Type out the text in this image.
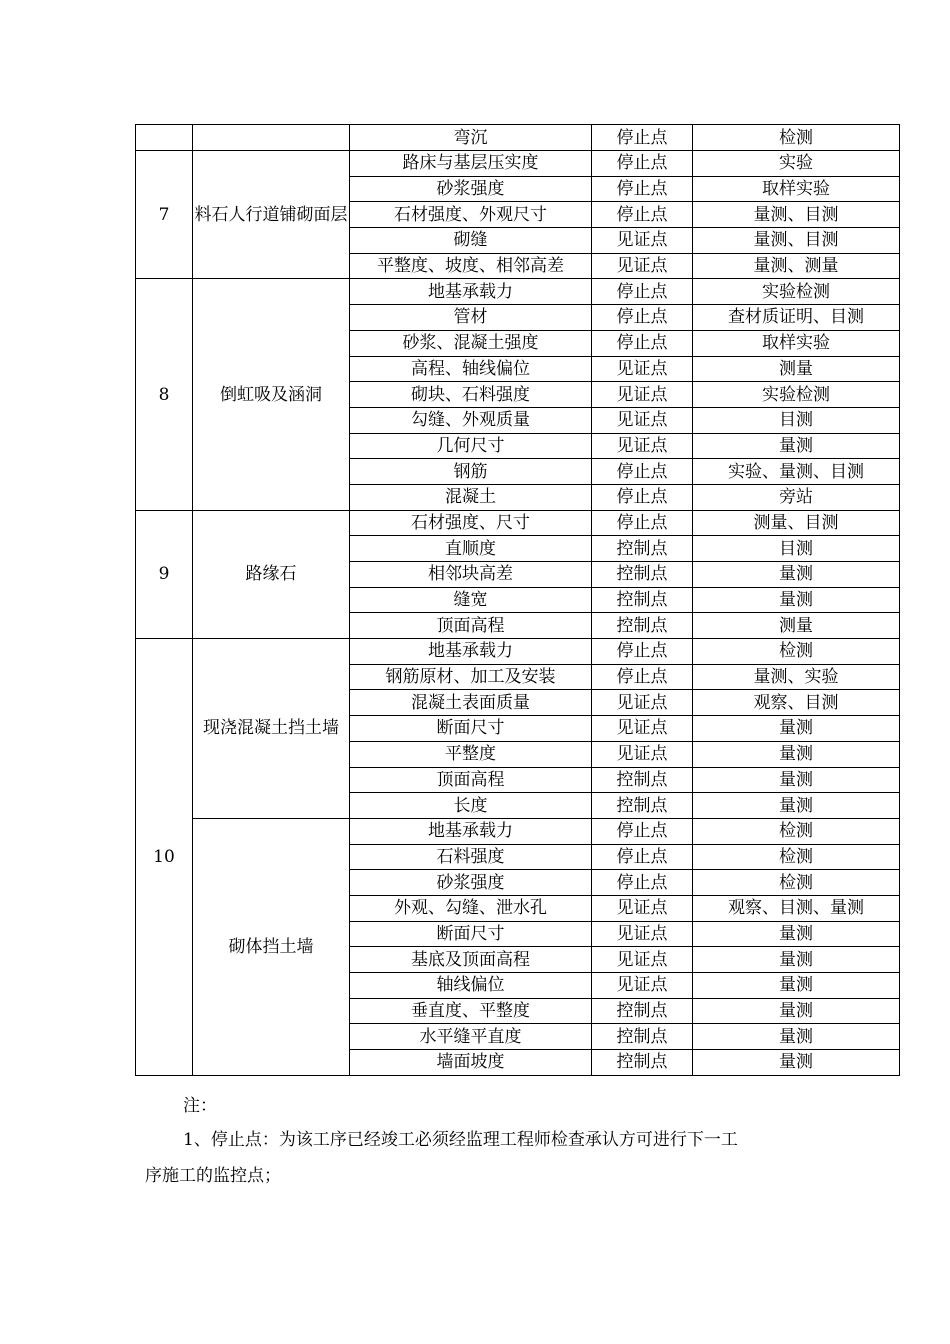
		弯沉	停止点	检测
7	料石人行道铺砌面层	路床与基层压实度	停止点	实验
		砂浆强度	停止点	取样实验
		石材强度、外观尺寸	停止点	量测、目测
		砌缝	见证点	量测、目测
		平整度、坡度、相邻高差	见证点	量测、测量
8	倒虹吸及涵洞	地基承载力	停止点	实验检测
		管材	停止点	查材质证明、目测
		砂浆、混凝土强度	停止点	取样实验
		高程、轴线偏位	见证点	测量
		砌块、石料强度	见证点	实验检测
		勾缝、外观质量	见证点	目测
		几何尺寸	见证点	量测
		钢筋	停止点	实验、量测、目测
		混凝土	停止点	旁站
9	路缘石	石材强度、尺寸	停止点	测量、目测
		直顺度	控制点	目测
		相邻块高差	控制点	量测
		缝宽	控制点	量测
		顶面高程	控制点	测量
10	现浇混凝土挡土墙	地基承载力	停止点	检测
		钢筋原材、加工及安装	停止点	量测、实验
		混凝土表面质量	见证点	观察、目测
		断面尺寸	见证点	量测
		平整度	见证点	量测
		顶面高程	控制点	量测
		长度	控制点	量测
	砌体挡土墙	地基承载力	停止点	检测
		石料强度	停止点	检测
		砂浆强度	停止点	检测
		外观、勾缝、泄水孔	见证点	观察、目测、量测
		断面尺寸	见证点	量测
		基底及顶面高程	见证点	量测
		轴线偏位	见证点	量测
		垂直度、平整度	控制点	量测
		水平缝平直度	控制点	量测
		墙面坡度	控制点	量测
注：
1、停止点：为该工序已经竣工必须经监理工程师检查承认方可进行下一工
序施工的监控点；
